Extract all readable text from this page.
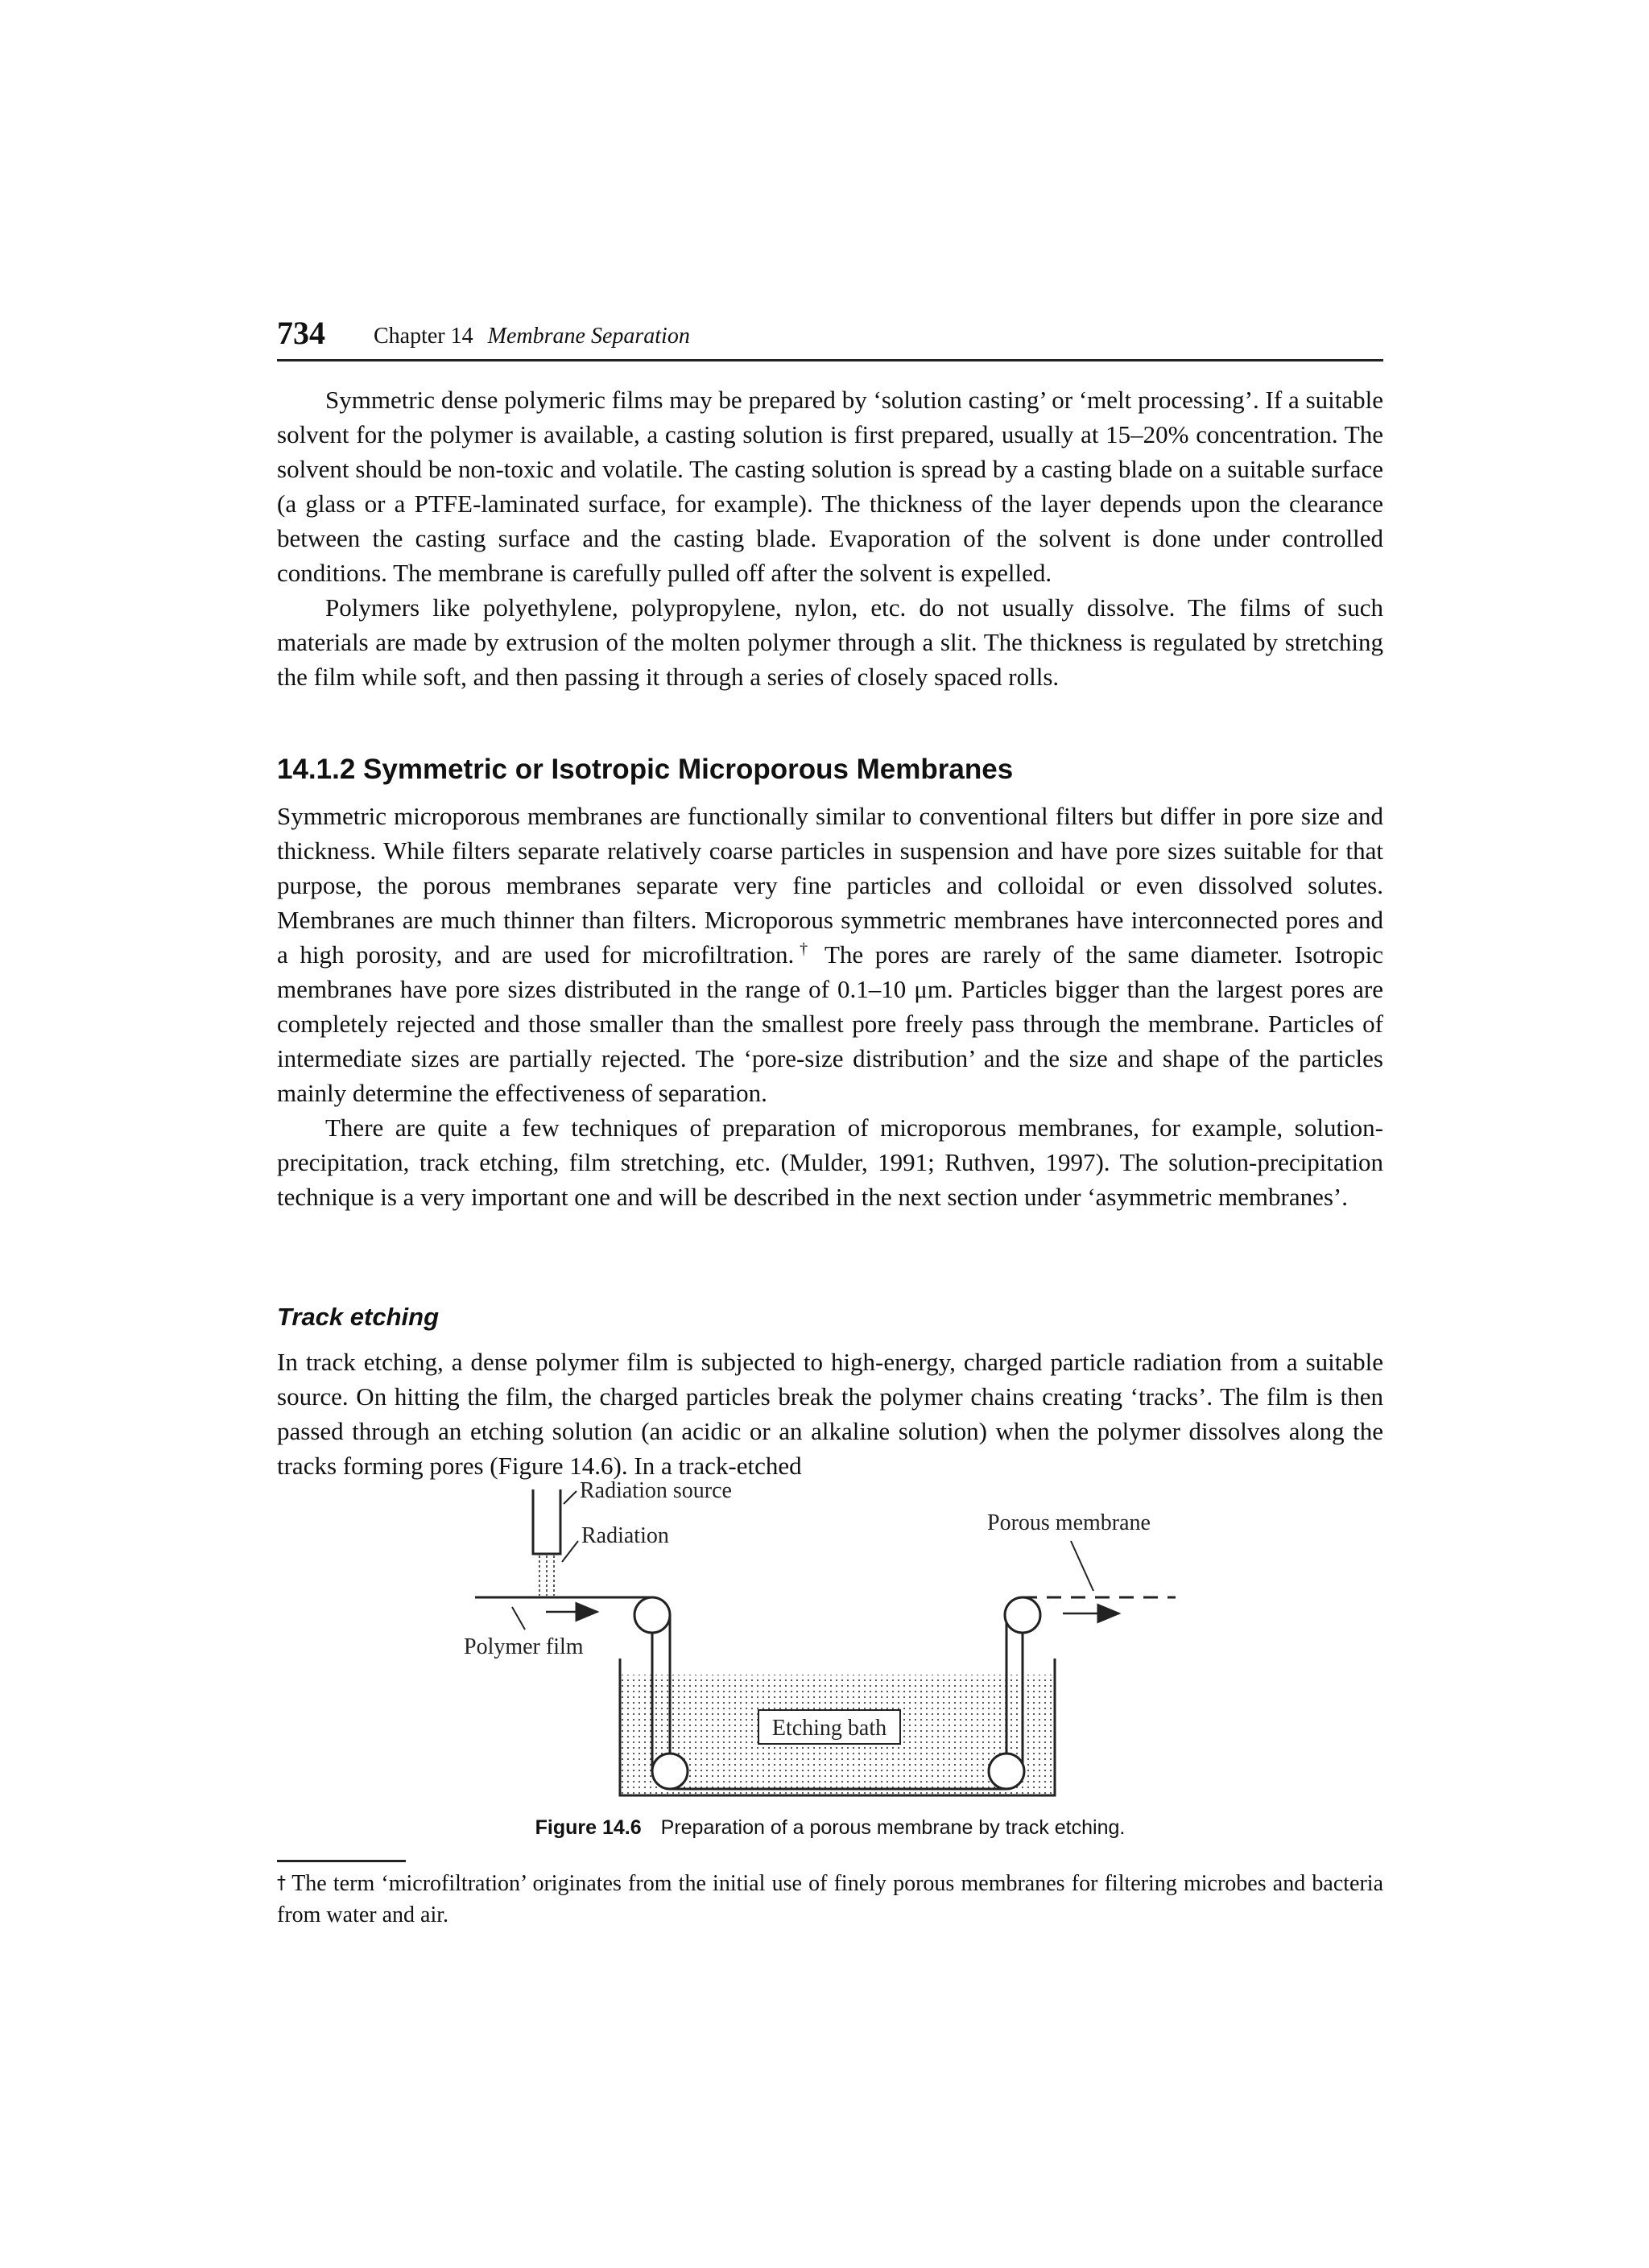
734 Chapter 14 Membrane Separation

Symmetric dense polymeric films may be prepared by ‘solution casting’ or ‘melt processing’. If a suitable solvent for the polymer is available, a casting solution is first prepared, usually at 15–20% concentration. The solvent should be non-toxic and volatile. The casting solution is spread by a casting blade on a suitable surface (a glass or a PTFE-laminated surface, for example). The thickness of the layer depends upon the clearance between the casting surface and the casting blade. Evaporation of the solvent is done under controlled conditions. The membrane is carefully pulled off after the solvent is expelled.

Polymers like polyethylene, polypropylene, nylon, etc. do not usually dissolve. The films of such materials are made by extrusion of the molten polymer through a slit. The thickness is regulated by stretching the film while soft, and then passing it through a series of closely spaced rolls.

14.1.2 Symmetric or Isotropic Microporous Membranes

Symmetric microporous membranes are functionally similar to conventional filters but differ in pore size and thickness. While filters separate relatively coarse particles in suspension and have pore sizes suitable for that purpose, the porous membranes separate very fine particles and colloidal or even dissolved solutes. Membranes are much thinner than filters. Microporous symmetric membranes have interconnected pores and a high porosity, and are used for microfiltration.† The pores are rarely of the same diameter. Isotropic membranes have pore sizes distributed in the range of 0.1–10 μm. Particles bigger than the largest pores are completely rejected and those smaller than the smallest pore freely pass through the membrane. Particles of intermediate sizes are partially rejected. The ‘pore-size distribution’ and the size and shape of the particles mainly determine the effectiveness of separation.

There are quite a few techniques of preparation of microporous membranes, for example, solution-precipitation, track etching, film stretching, etc. (Mulder, 1991; Ruthven, 1997). The solution-precipitation technique is a very important one and will be described in the next section under ‘asymmetric membranes’.

Track etching

In track etching, a dense polymer film is subjected to high-energy, charged particle radiation from a suitable source. On hitting the film, the charged particles break the polymer chains creating ‘tracks’. The film is then passed through an etching solution (an acidic or an alkaline solution) when the polymer dissolves along the tracks forming pores (Figure 14.6). In a track-etched

Etching bath
Radiation source
Radiation
Polymer film
Porous membrane
Figure 14.6 Preparation of a porous membrane by track etching.
† The term ‘microfiltration’ originates from the initial use of finely porous membranes for filtering microbes and bacteria from water and air.
